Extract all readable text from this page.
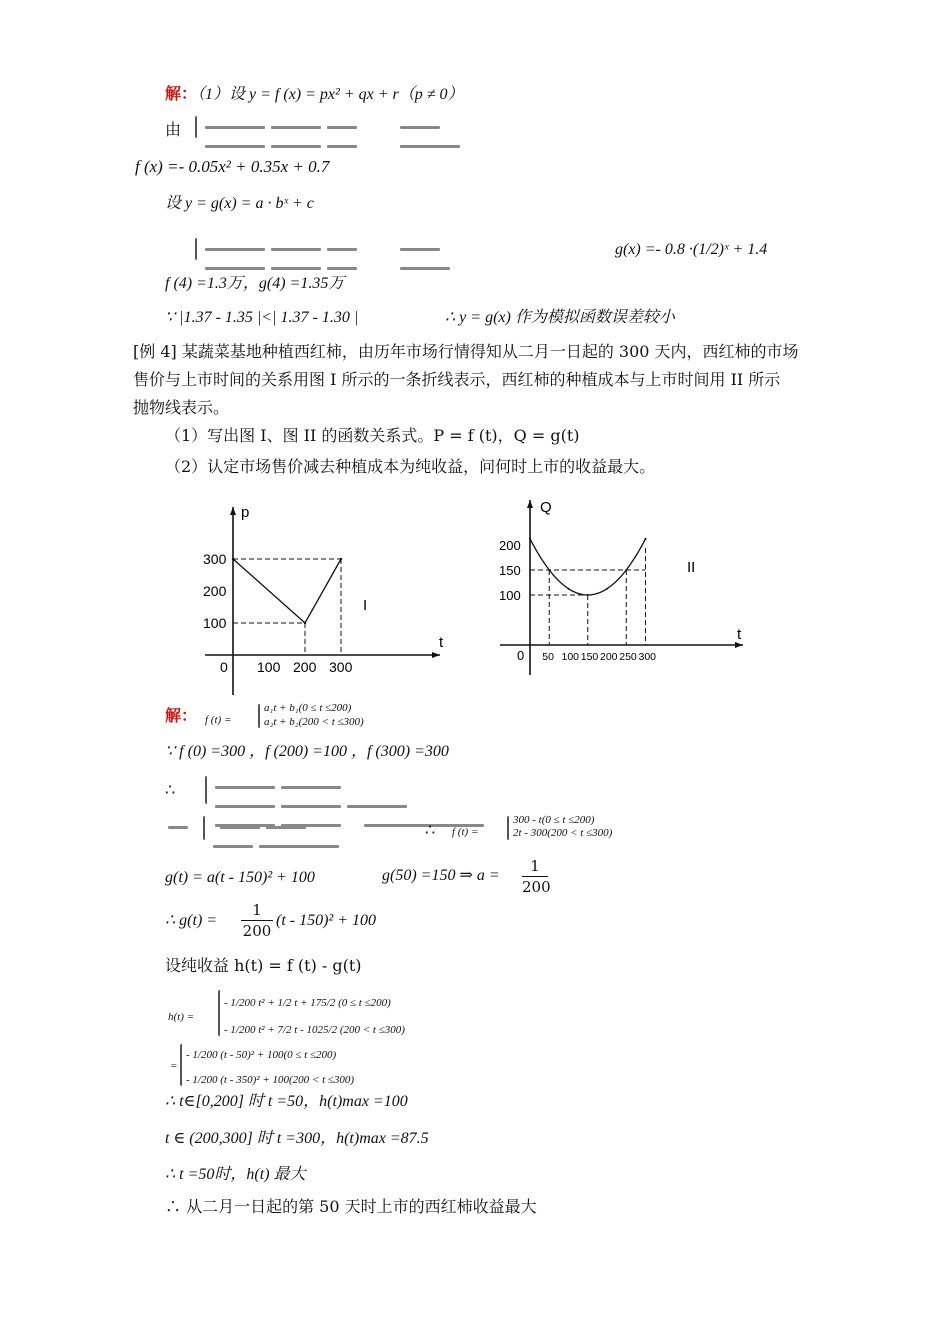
解：（1）设 y = f (x) = px² + qx + r（p ≠ 0）
由

f (x) =- 0.05x² + 0.35x + 0.7
设 y = g(x) = a · bˣ + c

g(x) =- 0.8 ·(1/2)ˣ + 1.4
f (4) =1.3万，g(4) =1.35万
∵ |1.37 - 1.35 |<| 1.37 - 1.30 |	∴ y = g(x) 作为模拟函数误差较小
[例 4] 某蔬菜基地种植西红柿，由历年市场行情得知从二月一日起的 300 天内，西红柿的市场
售价与上市时间的关系用图 I 所示的一条折线表示，西红柿的种植成本与上市时间用 II 所示
抛物线表示。
（1）写出图 I、图 II 的函数关系式。P = f (t)，Q = g(t)
（2）认定市场售价减去种植成本为纯收益，问何时上市的收益最大。
p
t
0 100 200 300
100
200
300
I
Q
t
0 50 100 150 200 250 300
100
150
200
II
解： f (t) =
a₁t + b₁(0 ≤ t ≤200)
a₂t + b₂(200 < t ≤300)
∵ f (0) =300 ，f (200) =100 ，f (300) =300
∴

∴ f (t) =
300 - t(0 ≤ t ≤200)
2t - 300(200 < t ≤300)
g(t) = a(t - 150)² + 100	g(50) =150 ⇒ $a = \frac{1}{200}$
∴ $g(t) = \frac{1}{200} (t - 150)^2 + 100$
设纯收益 h(t) = f (t) - g(t)
h(t) =
- 1/200 t² + 1/2 t + 175/2 (0 ≤ t ≤200)
- 1/200 t² + 7/2 t - 1025/2 (200 < t ≤300)
=
- 1/200 (t - 50)² + 100(0 ≤ t ≤200)
- 1/200 (t - 350)² + 100(200 < t ≤300)
∴ t∈[0,200] 时 t =50，h(t)max =100
t ∈ (200,300] 时 t =300，h(t)max =87.5
∴ t =50时，h(t) 最大
∴ 从二月一日起的第 50 天时上市的西红柿收益最大
